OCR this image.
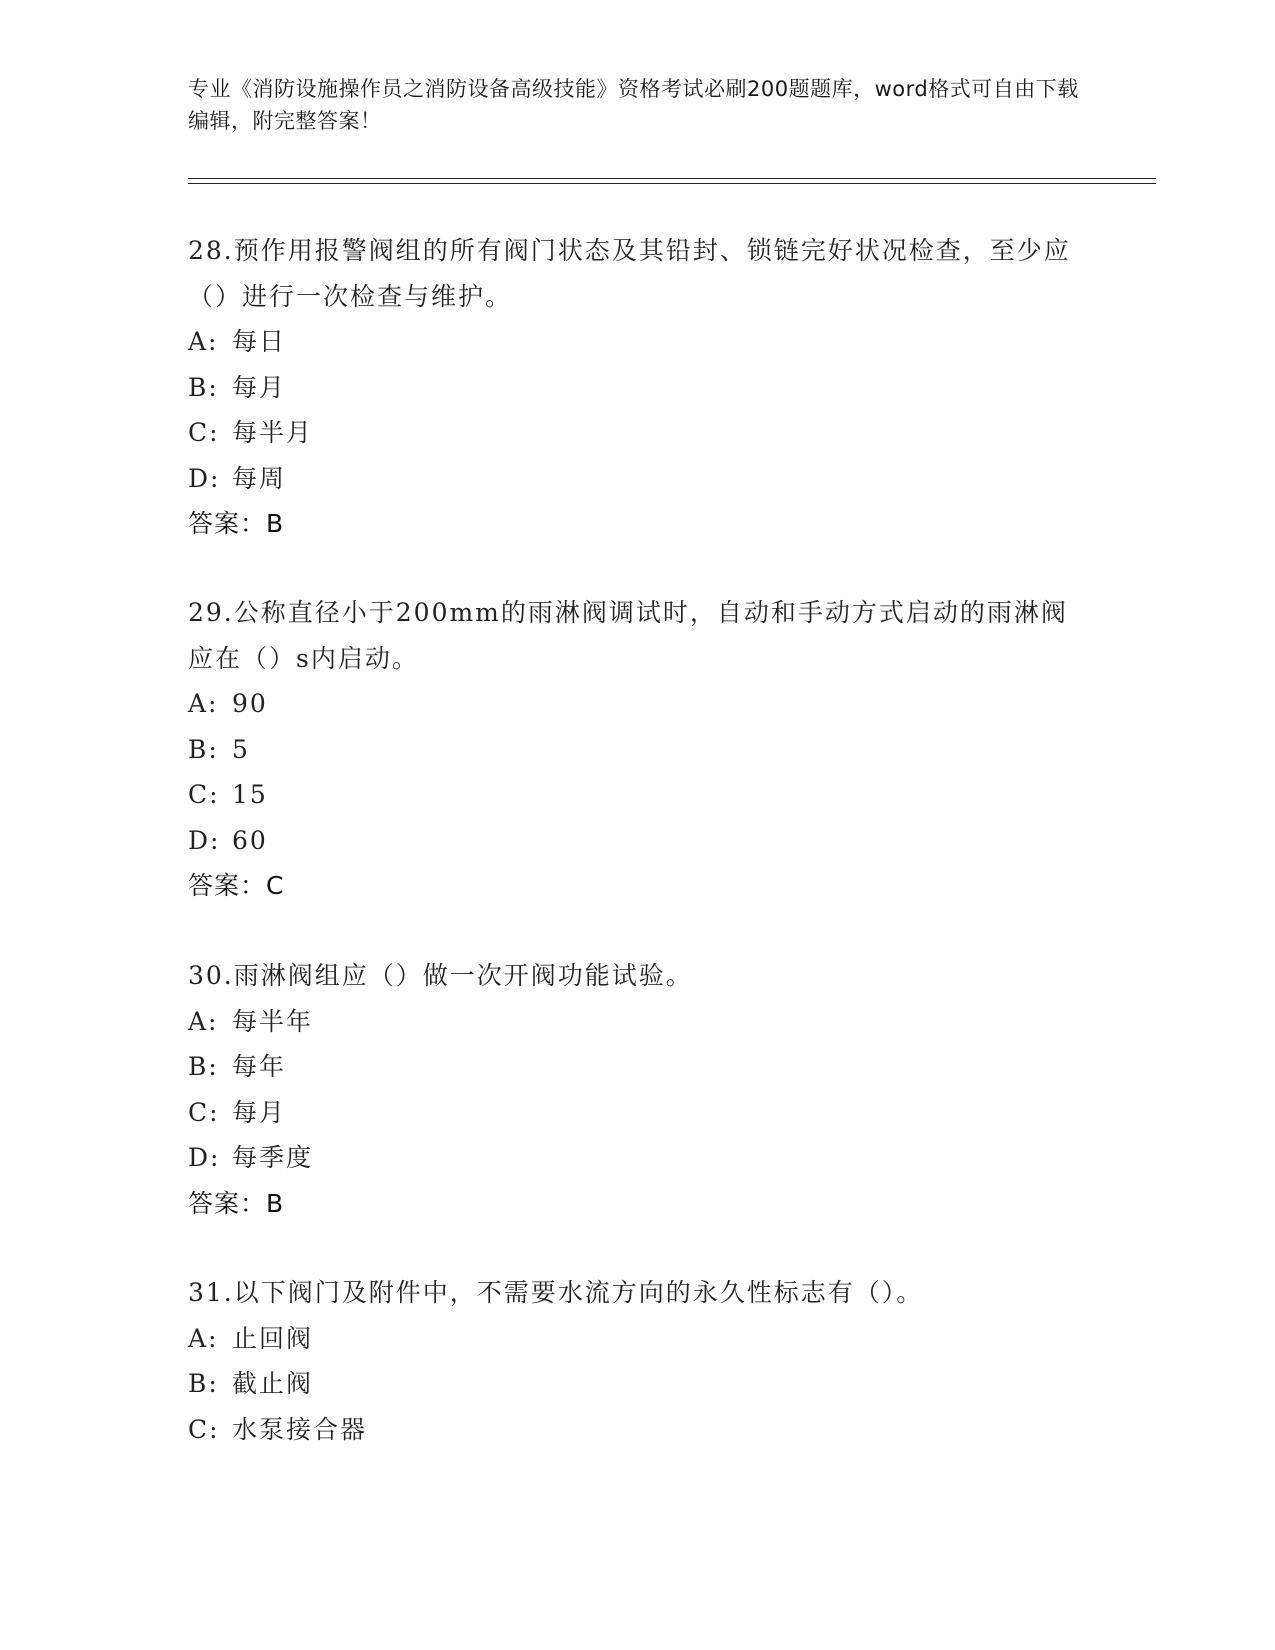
专业《消防设施操作员之消防设备高级技能》资格考试必刷200题题库，word格式可自由下载编辑，附完整答案！

28.预作用报警阀组的所有阀门状态及其铅封、锁链完好状况检查，至少应（）进行一次检查与维护。

A: 每日

B: 每月

C: 每半月

D: 每周

答案：B

29.公称直径小于200mm的雨淋阀调试时，自动和手动方式启动的雨淋阀应在（）s内启动。

A: 90

B: 5

C: 15

D: 60

答案：C

30.雨淋阀组应（）做一次开阀功能试验。

A: 每半年

B: 每年

C: 每月

D: 每季度

答案：B

31.以下阀门及附件中，不需要水流方向的永久性标志有（）。

A: 止回阀

B: 截止阀

C: 水泵接合器
